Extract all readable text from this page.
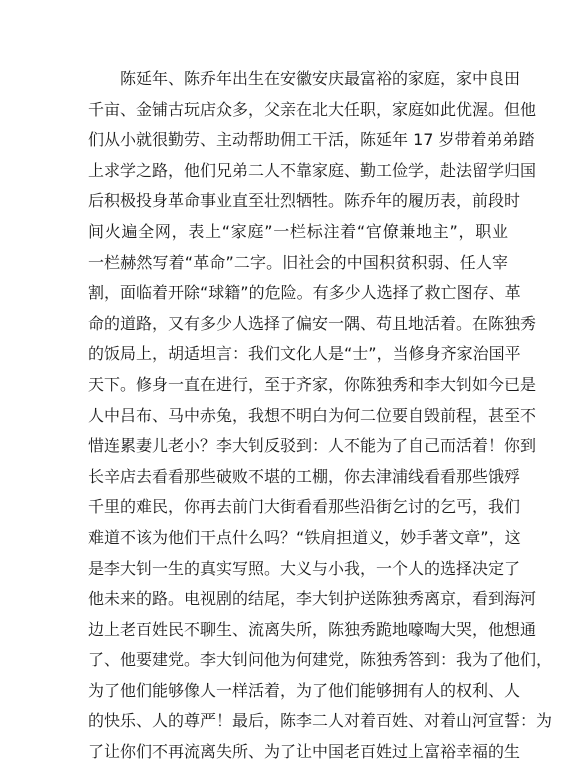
陈延年、陈乔年出生在安徽安庆最富裕的家庭，家中良田
千亩、金铺古玩店众多，父亲在北大任职，家庭如此优渥。但他
们从小就很勤劳、主动帮助佣工干活，陈延年 17 岁带着弟弟踏
上求学之路，他们兄弟二人不靠家庭、勤工俭学，赴法留学归国
后积极投身革命事业直至壮烈牺牲。陈乔年的履历表，前段时
间火遍全网，表上“家庭”一栏标注着“官僚兼地主”，职业
一栏赫然写着“革命”二字。旧社会的中国积贫积弱、任人宰
割，面临着开除“球籍”的危险。有多少人选择了救亡图存、革
命的道路，又有多少人选择了偏安一隅、苟且地活着。在陈独秀
的饭局上，胡适坦言：我们文化人是“士”，当修身齐家治国平
天下。修身一直在进行，至于齐家，你陈独秀和李大钊如今已是
人中吕布、马中赤兔，我想不明白为何二位要自毁前程，甚至不
惜连累妻儿老小？李大钊反驳到：人不能为了自己而活着！你到
长辛店去看看那些破败不堪的工棚，你去津浦线看看那些饿殍
千里的难民，你再去前门大街看看那些沿街乞讨的乞丐，我们
难道不该为他们干点什么吗？“铁肩担道义，妙手著文章”，这
是李大钊一生的真实写照。大义与小我，一个人的选择决定了
他未来的路。电视剧的结尾，李大钊护送陈独秀离京，看到海河
边上老百姓民不聊生、流离失所，陈独秀跪地嚎啕大哭，他想通
了、他要建党。李大钊问他为何建党，陈独秀答到：我为了他们，
为了他们能够像人一样活着，为了他们能够拥有人的权利、人
的快乐、人的尊严！最后，陈李二人对着百姓、对着山河宣誓：为
了让你们不再流离失所、为了让中国老百姓过上富裕幸福的生
